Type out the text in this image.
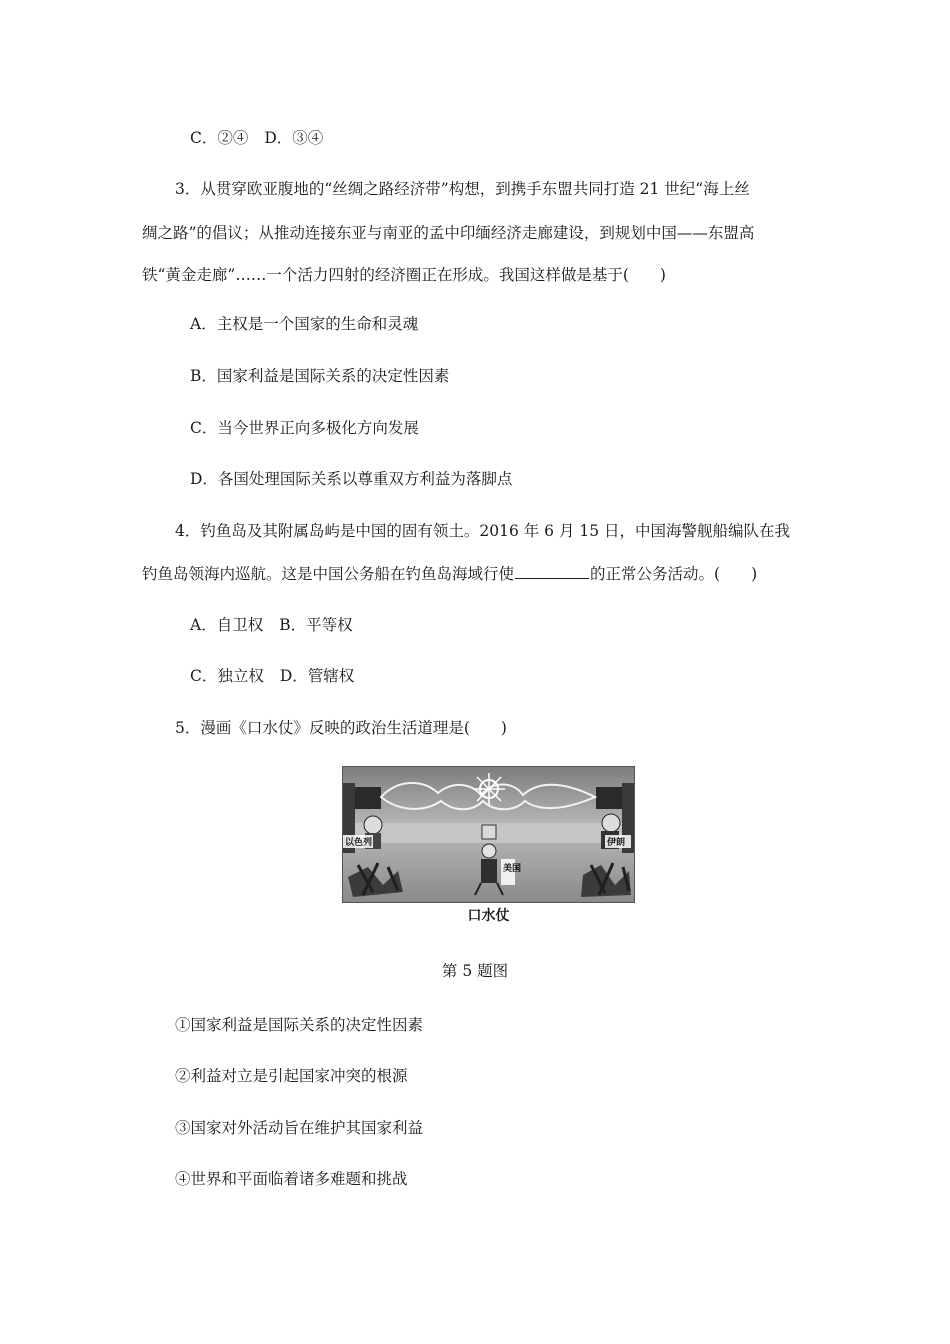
C．②④ D．③④
3．从贯穿欧亚腹地的“丝绸之路经济带”构想，到携手东盟共同打造 21 世纪“海上丝
绸之路”的倡议；从推动连接东亚与南亚的孟中印缅经济走廊建设，到规划中国——东盟高
铁“黄金走廊”……一个活力四射的经济圈正在形成。我国这样做是基于(　　)
A．主权是一个国家的生命和灵魂
B．国家利益是国际关系的决定性因素
C．当今世界正向多极化方向发展
D．各国处理国际关系以尊重双方利益为落脚点
4．钓鱼岛及其附属岛屿是中国的固有领土。2016 年 6 月 15 日，中国海警舰船编队在我
钓鱼岛领海内巡航。这是中国公务船在钓鱼岛海域行使	的正常公务活动。(　　)
A．自卫权 B．平等权
C．独立权 D．管辖权
5．漫画《口水仗》反映的政治生活道理是(　　)
以色列	伊朗
美国
口水仗
第 5 题图
①国家利益是国际关系的决定性因素
②利益对立是引起国家冲突的根源
③国家对外活动旨在维护其国家利益
④世界和平面临着诸多难题和挑战
